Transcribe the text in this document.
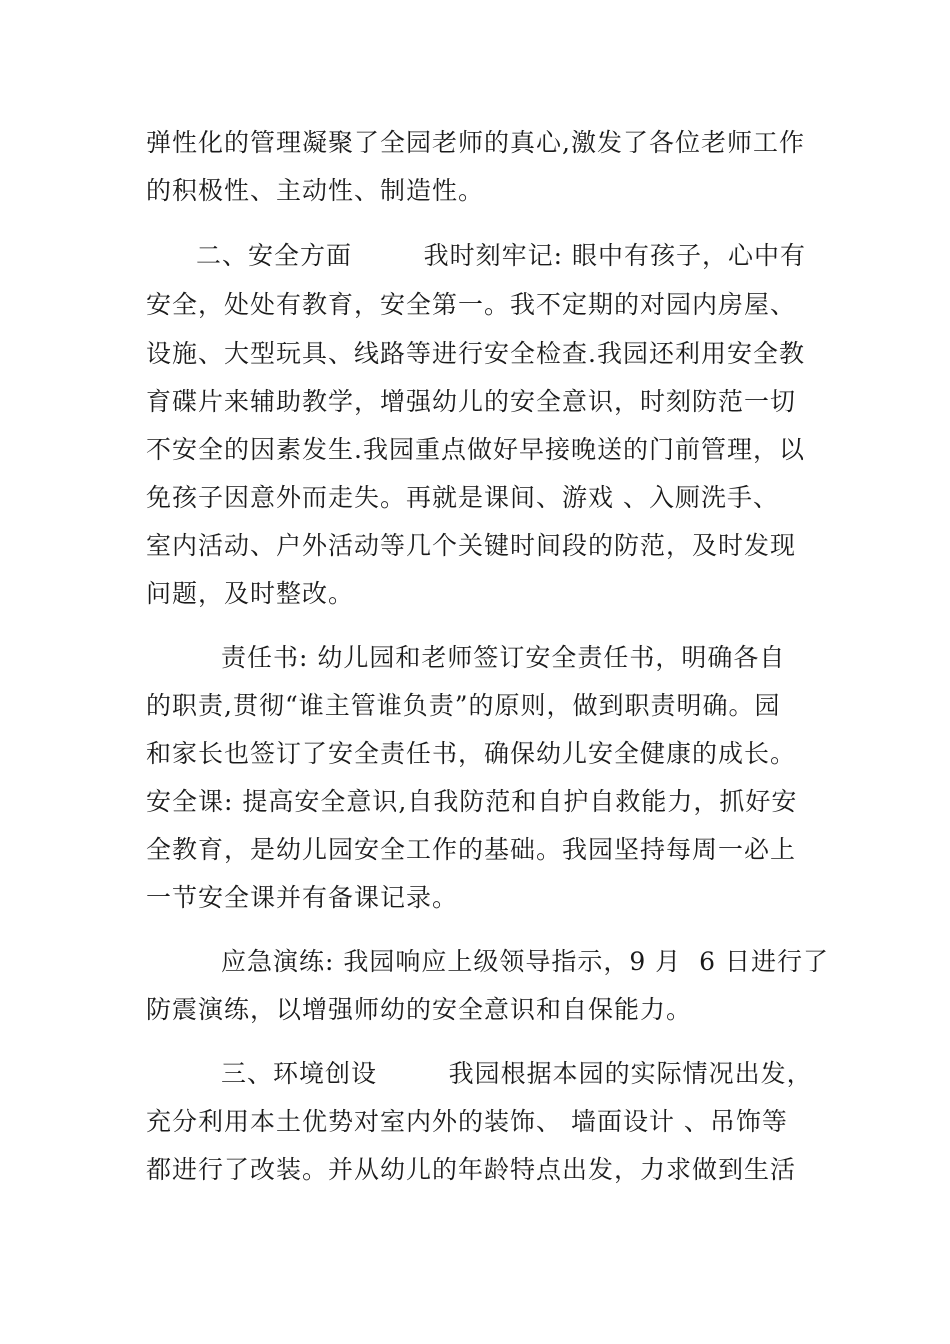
弹性化的管理凝聚了全园老师的真心,激发了各位老师工作
的积极性、主动性、制造性。
二、安全方面        我时刻牢记: 眼中有孩子，心中有
安全，处处有教育，安全第一。我不定期的对园内房屋、
设施、大型玩具、线路等进行安全检查.我园还利用安全教
育碟片来辅助教学，增强幼儿的安全意识，时刻防范一切
不安全的因素发生.我园重点做好早接晚送的门前管理，以
免孩子因意外而走失。再就是课间、游戏 、入厕洗手、
室内活动、户外活动等几个关键时间段的防范，及时发现
问题，及时整改。
责任书: 幼儿园和老师签订安全责任书，明确各自
的职责,贯彻“谁主管谁负责”的原则，做到职责明确。园
和家长也签订了安全责任书，确保幼儿安全健康的成长。
安全课: 提高安全意识,自我防范和自护自救能力，抓好安
全教育，是幼儿园安全工作的基础。我园坚持每周一必上
一节安全课并有备课记录。
应急演练: 我园响应上级领导指示，9 月  6 日进行了
防震演练，以增强师幼的安全意识和自保能力。
三、环境创设        我园根据本园的实际情况出发，
充分利用本土优势对室内外的装饰、 墙面设计 、吊饰等
都进行了改装。并从幼儿的年龄特点出发，力求做到生活
